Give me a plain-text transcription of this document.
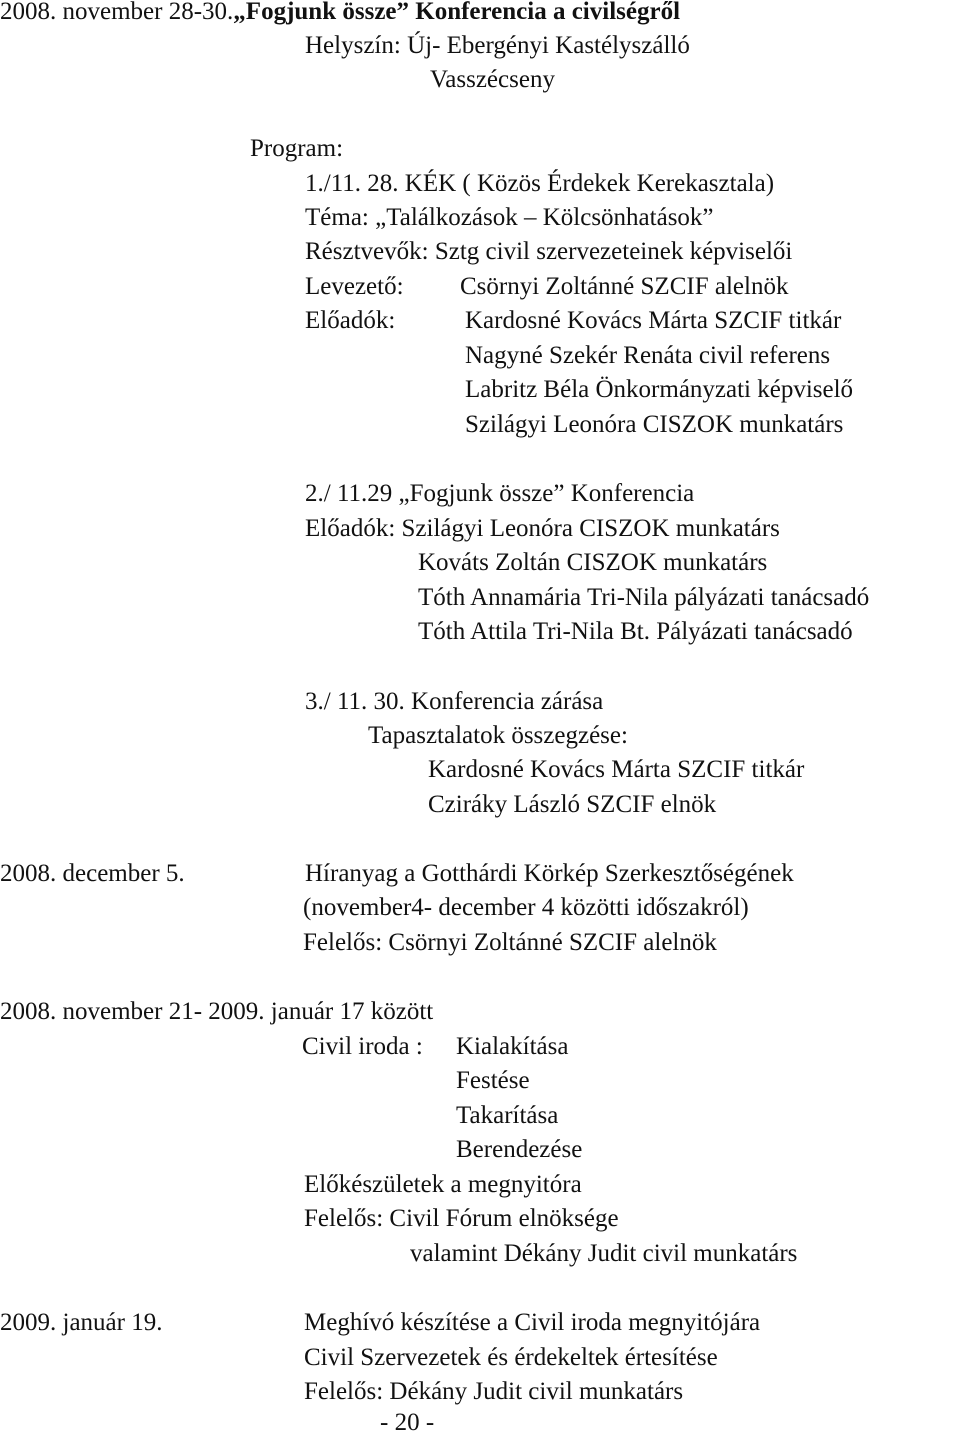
2008. november 28-30.„Fogjunk össze” Konferencia a civilségről
Helyszín: Új- Ebergényi Kastélyszálló
Vasszécseny
Program:
1./11. 28. KÉK ( Közös Érdekek Kerekasztala)
Téma: „Találkozások – Kölcsönhatások”
Résztvevők: Sztg civil szervezeteinek képviselői
Levezető: Csörnyi Zoltánné SZCIF alelnök
Előadók:	Kardosné Kovács Márta SZCIF titkár
Nagyné Szekér Renáta civil referens
Labritz Béla Önkormányzati képviselő
Szilágyi Leonóra CISZOK munkatárs
2./ 11.29 „Fogjunk össze” Konferencia
Előadók: Szilágyi Leonóra CISZOK munkatárs
Kováts Zoltán CISZOK munkatárs
Tóth Annamária Tri-Nila pályázati tanácsadó
Tóth Attila Tri-Nila Bt. Pályázati tanácsadó
3./ 11. 30. Konferencia zárása
Tapasztalatok összegzése:
Kardosné Kovács Márta SZCIF titkár
Cziráky László SZCIF elnök
2008. december 5.	Híranyag a Gotthárdi Körkép Szerkesztőségének
(november4- december 4 közötti időszakról)
Felelős: Csörnyi Zoltánné SZCIF alelnök
2008. november 21- 2009. január 17 között
Civil iroda : Kialakítása
Festése
Takarítása
Berendezése
Előkészületek a megnyitóra
Felelős: Civil Fórum elnöksége
valamint Dékány Judit civil munkatárs
2009. január 19.	Meghívó készítése a Civil iroda megnyitójára
Civil Szervezetek és érdekeltek értesítése
Felelős: Dékány Judit civil munkatárs
- 20 -
